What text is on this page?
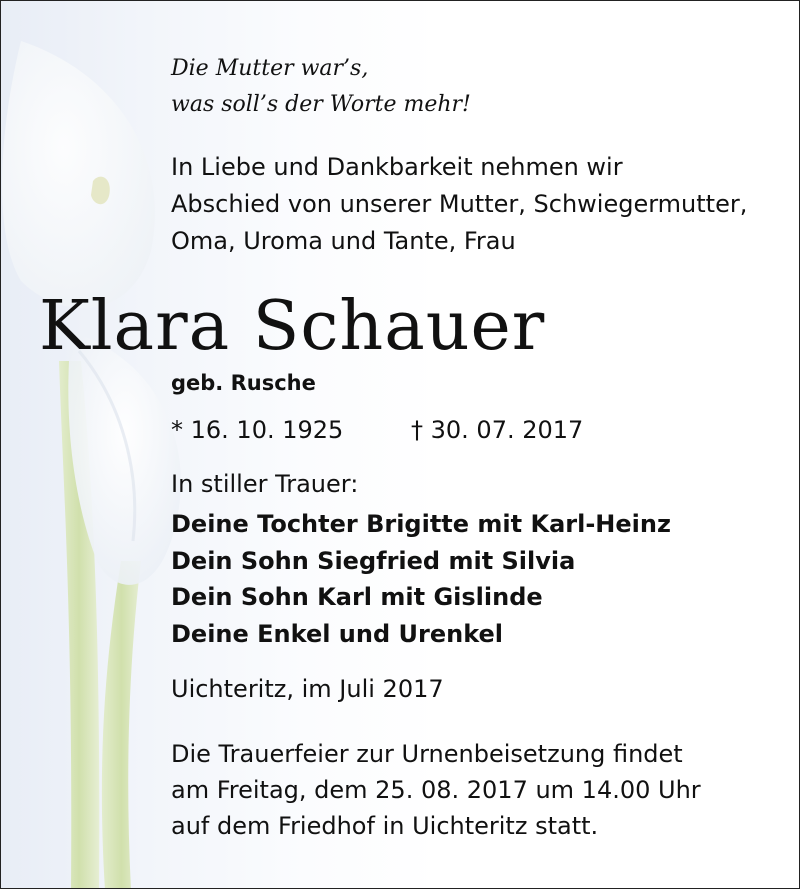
Die Mutter war’s,
was soll’s der Worte mehr!
In Liebe und Dankbarkeit nehmen wir
Abschied von unserer Mutter, Schwiegermutter,
Oma, Uroma und Tante, Frau
Klara Schauer
geb. Rusche
* 16. 10. 1925	† 30. 07. 2017
In stiller Trauer:
Deine Tochter Brigitte mit Karl-Heinz
Dein Sohn Siegfried mit Silvia
Dein Sohn Karl mit Gislinde
Deine Enkel und Urenkel
Uichteritz, im Juli 2017
Die Trauerfeier zur Urnenbeisetzung findet
am Freitag, dem 25. 08. 2017 um 14.00 Uhr
auf dem Friedhof in Uichteritz statt.
